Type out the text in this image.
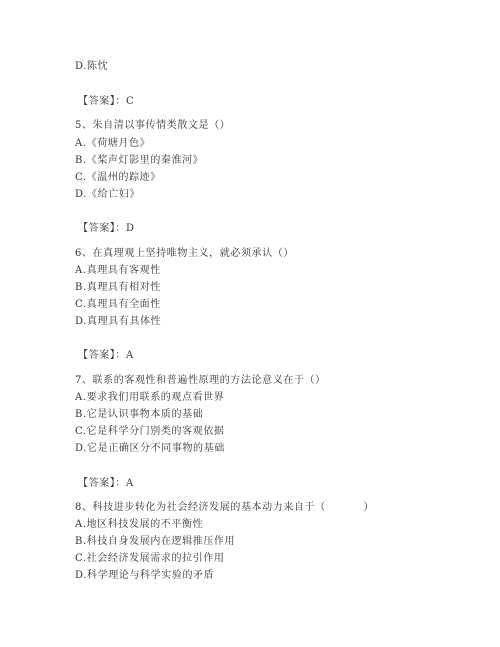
D.陈忱
【答案】：C
5、朱自清以事传情类散文是（）
A.《荷塘月色》
B.《桨声灯影里的秦淮河》
C.《温州的踪迹》
D.《给亡妇》
【答案】：D
6、在真理观上坚持唯物主义，就必须承认（）
A.真理具有客观性
B.真理具有相对性
C.真理具有全面性
D.真理具有具体性
【答案】：A
7、联系的客观性和普遍性原理的方法论意义在于（）
A.要求我们用联系的观点看世界
B.它是认识事物本质的基础
C.它是科学分门别类的客观依据
D.它是正确区分不同事物的基础
【答案】：A
8、科技进步转化为社会经济发展的基本动力来自于（          ）
A.地区科技发展的不平衡性
B.科技自身发展内在逻辑推压作用
C.社会经济发展需求的拉引作用
D.科学理论与科学实验的矛盾
